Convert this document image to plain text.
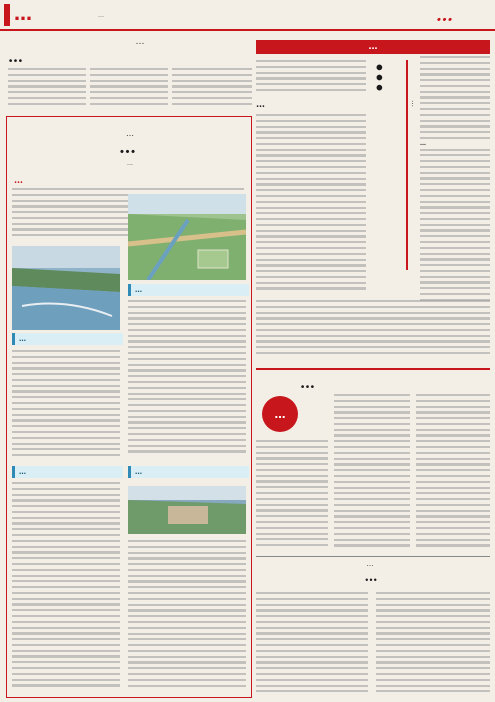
…	…	…
…
…
…
…
…
…
…
…
…	…
…
…
…
…
…
…
…
…
…
